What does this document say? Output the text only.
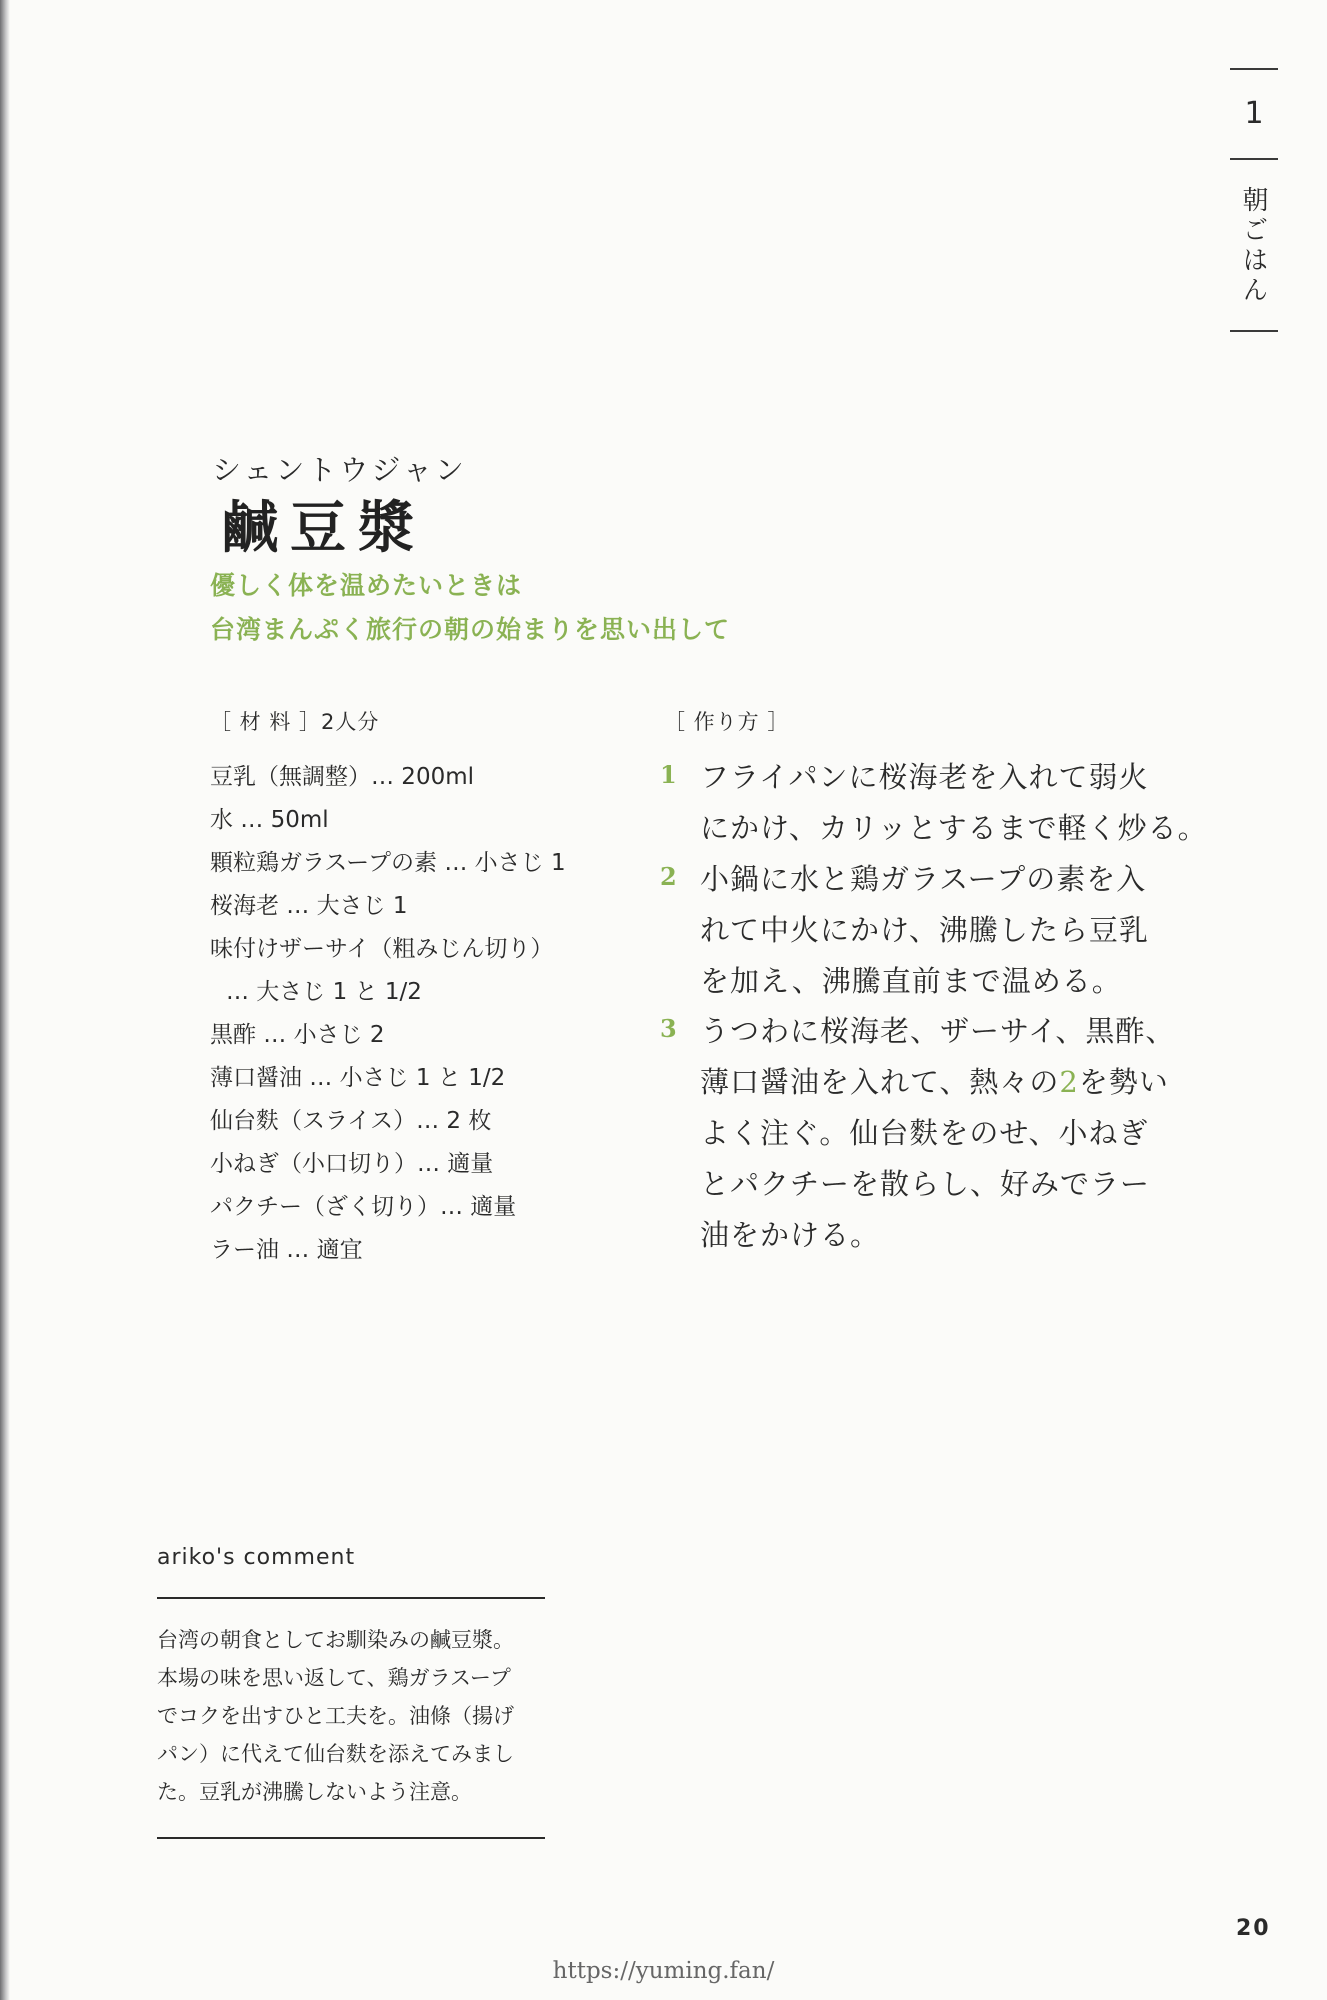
1
朝ごはん
シェントウジャン
鹹豆漿
優しく体を温めたいときは
台湾まんぷく旅行の朝の始まりを思い出して
［ 材 料 ］2人分
豆乳（無調整）… 200ml
水 … 50ml
顆粒鶏ガラスープの素 … 小さじ 1
桜海老 … 大さじ 1
味付けザーサイ（粗みじん切り）
… 大さじ 1 と 1/2
黒酢 … 小さじ 2
薄口醤油 … 小さじ 1 と 1/2
仙台麩（スライス）… 2 枚
小ねぎ（小口切り）… 適量
パクチー（ざく切り）… 適量
ラー油 … 適宜
［ 作り方 ］
1 フライパンに桜海老を入れて弱火
にかけ、カリッとするまで軽く炒る。
2 小鍋に水と鶏ガラスープの素を入
れて中火にかけ、沸騰したら豆乳
を加え、沸騰直前まで温める。
3 うつわに桜海老、ザーサイ、黒酢、
薄口醤油を入れて、熱々の2を勢い
よく注ぐ。仙台麩をのせ、小ねぎ
とパクチーを散らし、好みでラー
油をかける。
ariko's comment
台湾の朝食としてお馴染みの鹹豆漿。
本場の味を思い返して、鶏ガラスープ
でコクを出すひと工夫を。油條（揚げ
パン）に代えて仙台麩を添えてみまし
た。豆乳が沸騰しないよう注意。
20
https://yuming.fan/
